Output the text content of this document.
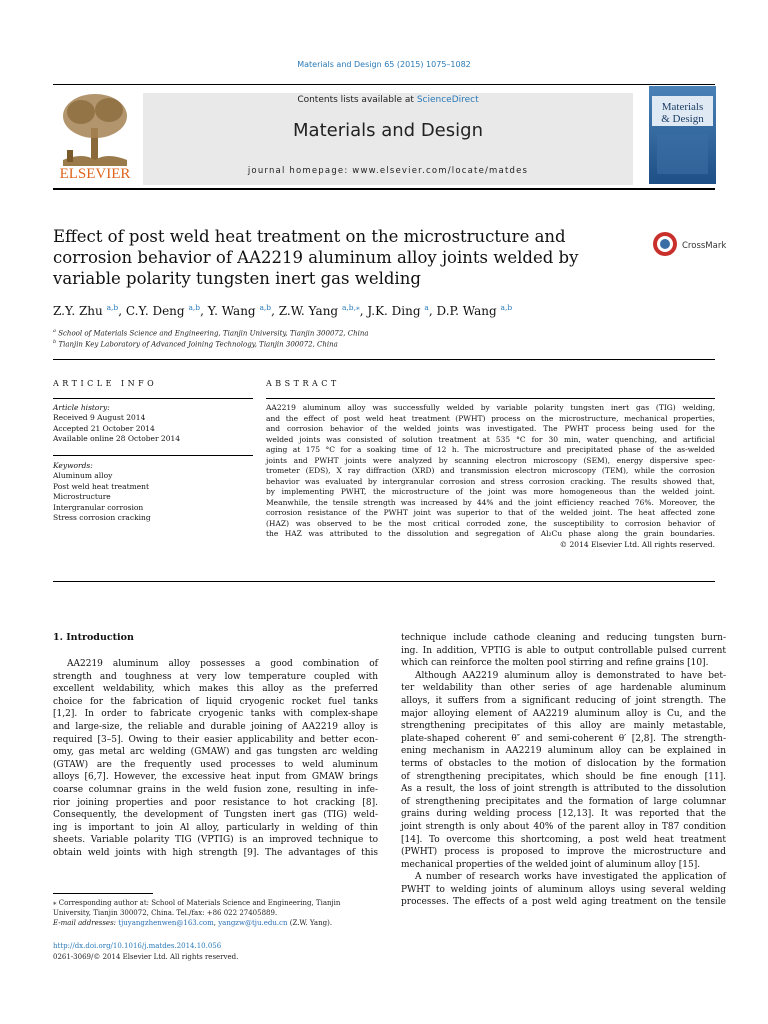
Materials and Design 65 (2015) 1075–1082
ELSEVIER
Contents lists available at ScienceDirect
Materials and Design
journal homepage: www.elsevier.com/locate/matdes
Materials
& Design
Effect of post weld heat treatment on the microstructure and corrosion behavior of AA2219 aluminum alloy joints welded by variable polarity tungsten inert gas welding
CrossMark
Z.Y. Zhu $^{a,b}$, C.Y. Deng $^{a,b}$, Y. Wang $^{a,b}$, Z.W. Yang $^{a,b,⁎}$, J.K. Ding $^a$, D.P. Wang $^{a,b}$
$^a$ School of Materials Science and Engineering, Tianjin University, Tianjin 300072, China
$^b$ Tianjin Key Laboratory of Advanced Joining Technology, Tianjin 300072, China
ARTICLE INFO	ABSTRACT
Article history:
Received 9 August 2014
Accepted 21 October 2014
Available online 28 October 2014
Keywords:
Aluminum alloy
Post weld heat treatment
Microstructure
Intergranular corrosion
Stress corrosion cracking
AA2219 aluminum alloy was successfully welded by variable polarity tungsten inert gas (TIG) welding,
and the effect of post weld heat treatment (PWHT) process on the microstructure, mechanical properties,
and corrosion behavior of the welded joints was investigated. The PWHT process being used for the
welded joints was consisted of solution treatment at 535 °C for 30 min, water quenching, and artificial
aging at 175 °C for a soaking time of 12 h. The microstructure and precipitated phase of the as-welded
joints and PWHT joints were analyzed by scanning electron microscopy (SEM), energy dispersive spec-
trometer (EDS), X ray diffraction (XRD) and transmission electron microscopy (TEM), while the corrosion
behavior was evaluated by intergranular corrosion and stress corrosion cracking. The results showed that,
by implementing PWHT, the microstructure of the joint was more homogeneous than the welded joint.
Meanwhile, the tensile strength was increased by 44% and the joint efficiency reached 76%. Moreover, the
corrosion resistance of the PWHT joint was superior to that of the welded joint. The heat affected zone
(HAZ) was observed to be the most critical corroded zone, the susceptibility to corrosion behavior of
the HAZ was attributed to the dissolution and segregation of Al₂Cu phase along the grain boundaries.
© 2014 Elsevier Ltd. All rights reserved.
1. Introduction
AA2219 aluminum alloy possesses a good combination of
strength and toughness at very low temperature coupled with
excellent weldability, which makes this alloy as the preferred
choice for the fabrication of liquid cryogenic rocket fuel tanks
[1,2]. In order to fabricate cryogenic tanks with complex-shape
and large-size, the reliable and durable joining of AA2219 alloy is
required [3–5]. Owing to their easier applicability and better econ-
omy, gas metal arc welding (GMAW) and gas tungsten arc welding
(GTAW) are the frequently used processes to weld aluminum
alloys [6,7]. However, the excessive heat input from GMAW brings
coarse columnar grains in the weld fusion zone, resulting in infe-
rior joining properties and poor resistance to hot cracking [8].
Consequently, the development of Tungsten inert gas (TIG) weld-
ing is important to join Al alloy, particularly in welding of thin
sheets. Variable polarity TIG (VPTIG) is an improved technique to
obtain weld joints with high strength [9]. The advantages of this
technique include cathode cleaning and reducing tungsten burn-
ing. In addition, VPTIG is able to output controllable pulsed current
which can reinforce the molten pool stirring and refine grains [10].
Although AA2219 aluminum alloy is demonstrated to have bet-
ter weldability than other series of age hardenable aluminum
alloys, it suffers from a significant reducing of joint strength. The
major alloying element of AA2219 aluminum alloy is Cu, and the
strengthening precipitates of this alloy are mainly metastable,
plate-shaped coherent θ″ and semi-coherent θ′ [2,8]. The strength-
ening mechanism in AA2219 aluminum alloy can be explained in
terms of obstacles to the motion of dislocation by the formation
of strengthening precipitates, which should be fine enough [11].
As a result, the loss of joint strength is attributed to the dissolution
of strengthening precipitates and the formation of large columnar
grains during welding process [12,13]. It was reported that the
joint strength is only about 40% of the parent alloy in T87 condition
[14]. To overcome this shortcoming, a post weld heat treatment
(PWHT) process is proposed to improve the microstructure and
mechanical properties of the welded joint of aluminum alloy [15].
A number of research works have investigated the application of
PWHT to welding joints of aluminum alloys using several welding
processes. The effects of a post weld aging treatment on the tensile
⁎ Corresponding author at: School of Materials Science and Engineering, Tianjin University, Tianjin 300072, China. Tel./fax: +86 022 27405889.
E-mail addresses: tjuyangzhenwen@163.com, yangzw@tju.edu.cn (Z.W. Yang).
http://dx.doi.org/10.1016/j.matdes.2014.10.056
0261-3069/© 2014 Elsevier Ltd. All rights reserved.
